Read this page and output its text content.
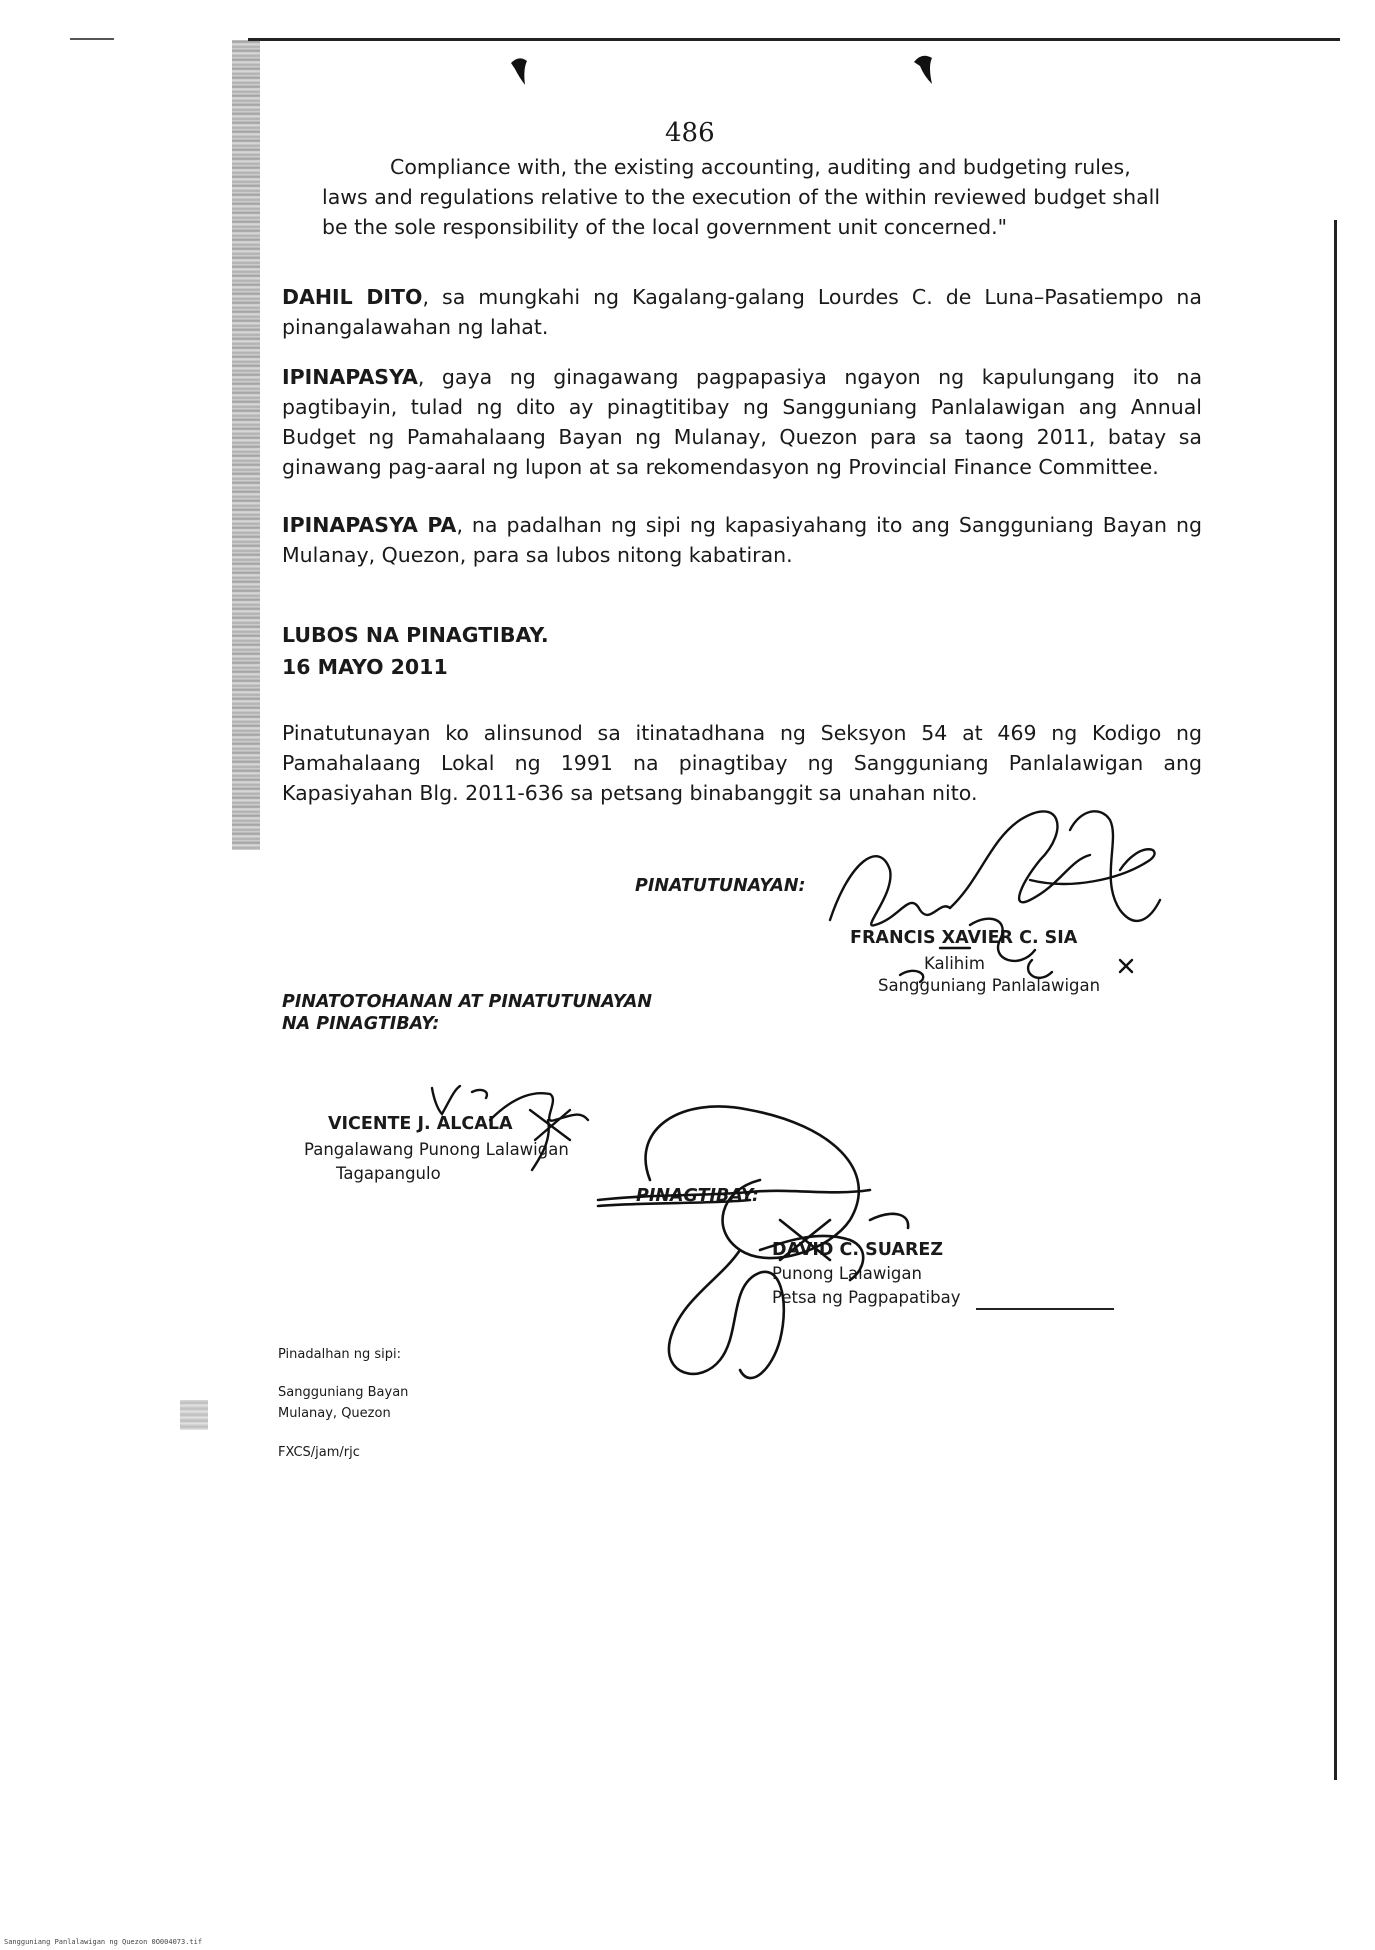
486

Compliance with, the existing accounting, auditing and budgeting rules,

laws and regulations relative to the execution of the within reviewed budget shall

be the sole responsibility of the local government unit concerned."

DAHIL DITO, sa mungkahi ng Kagalang-galang Lourdes C. de Luna–Pasatiempo na pinangalawahan ng lahat.

IPINAPASYA, gaya ng ginagawang pagpapasiya ngayon ng kapulungang ito na pagtibayin, tulad ng dito ay pinagtitibay ng Sangguniang Panlalawigan ang Annual Budget ng Pamahalaang Bayan ng Mulanay, Quezon para sa taong 2011, batay sa ginawang pag-aaral ng lupon at sa rekomendasyon ng Provincial Finance Committee.

IPINAPASYA PA, na padalhan ng sipi ng kapasiyahang ito ang Sangguniang Bayan ng Mulanay, Quezon, para sa lubos nitong kabatiran.

LUBOS NA PINAGTIBAY.
16 MAYO 2011

Pinatutunayan ko alinsunod sa itinatadhana ng Seksyon 54 at 469 ng Kodigo ng Pamahalaang Lokal ng 1991 na pinagtibay ng Sangguniang Panlalawigan ang Kapasiyahan Blg. 2011-636 sa petsang binabanggit sa unahan nito.

PINATUTUNAYAN:
FRANCIS XAVIER C. SIA
Kalihim
Sangguniang Panlalawigan
PINATOTOHANAN AT PINATUTUNAYAN
NA PINAGTIBAY:
VICENTE J. ALCALA
Pangalawang Punong Lalawigan
Tagapangulo
PINAGTIBAY:
DAVID C. SUAREZ
Punong Lalawigan
Petsa ng Pagpapatibay
Pinadalhan ng sipi:
Sangguniang Bayan
Mulanay, Quezon
FXCS/jam/rjc
Sangguniang Panlalawigan ng Quezon 0O004073.tif
